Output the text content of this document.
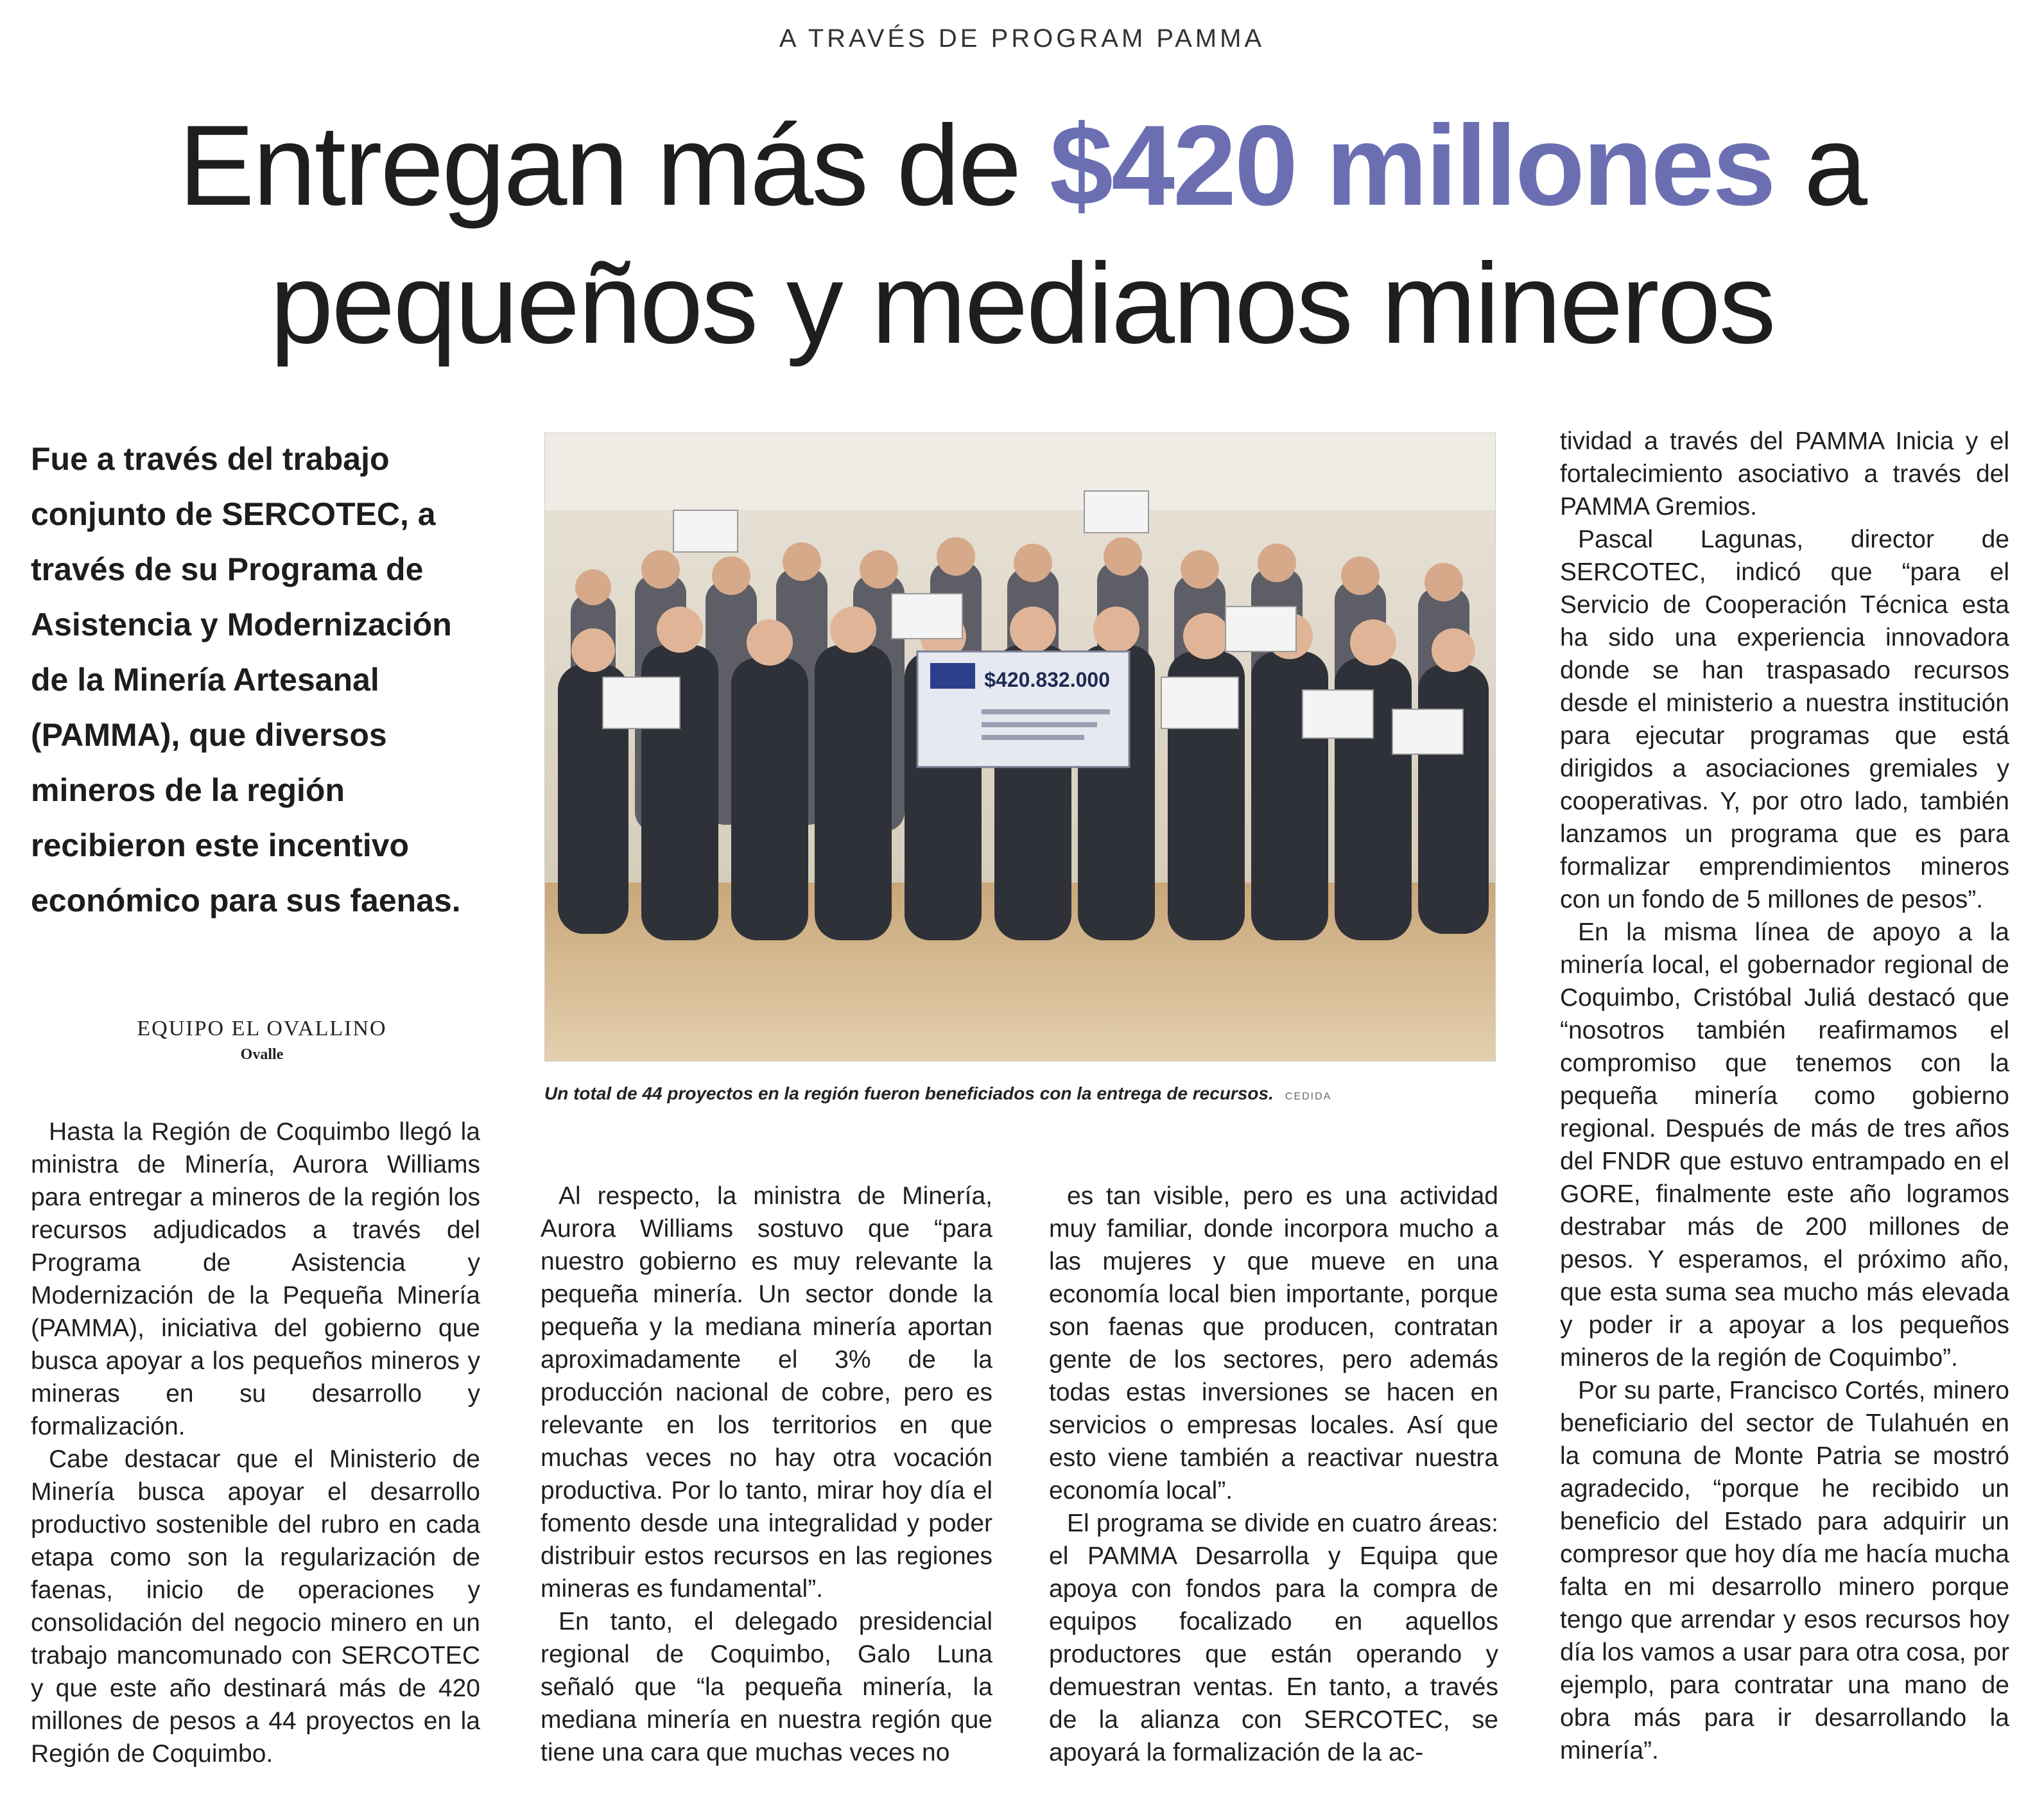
A TRAVÉS DE PROGRAM PAMMA
Entregan más de $420 millones a pequeños y medianos mineros

Fue a través del trabajo conjunto de SERCOTEC, a través de su Programa de Asistencia y Modernización de la Minería Artesanal (PAMMA), que diversos mineros de la región recibieron este incentivo económico para sus faenas.

EQUIPO EL OVALLINO
Ovalle
$420.832.000
Un total de 44 proyectos en la región fueron beneficiados con la entrega de recursos. CEDIDA

Hasta la Región de Coquimbo llegó la ministra de Minería, Aurora Williams para entregar a mineros de la región los recursos adjudicados a través del Programa de Asistencia y Modernización de la Pequeña Minería (PAMMA), iniciativa del gobierno que busca apoyar a los pequeños mineros y mineras en su desarrollo y formalización.

Cabe destacar que el Ministerio de Minería busca apoyar el desarrollo productivo sostenible del rubro en cada etapa como son la regularización de faenas, inicio de operaciones y consolidación del negocio minero en un trabajo mancomunado con SERCOTEC y que este año destinará más de 420 millones de pesos a 44 proyectos en la Región de Coquimbo.

Al respecto, la ministra de Minería, Aurora Williams sostuvo que “para nuestro gobierno es muy relevante la pequeña minería. Un sector donde la pequeña y la mediana minería aportan aproximadamente el 3% de la producción nacional de cobre, pero es relevante en los territorios en que muchas veces no hay otra vocación productiva. Por lo tanto, mirar hoy día el fomento desde una integralidad y poder distribuir estos recursos en las regiones mineras es fundamental”.

En tanto, el delegado presidencial regional de Coquimbo, Galo Luna señaló que “la pequeña minería, la mediana minería en nuestra región que tiene una cara que muchas veces no

es tan visible, pero es una actividad muy familiar, donde incorpora mucho a las mujeres y que mueve en una economía local bien importante, porque son faenas que producen, contratan gente de los sectores, pero además todas estas inversiones se hacen en servicios o empresas locales. Así que esto viene también a reactivar nuestra economía local”.

El programa se divide en cuatro áreas: el PAMMA Desarrolla y Equipa que apoya con fondos para la compra de equipos focalizado en aquellos productores que están operando y demuestran ventas. En tanto, a través de la alianza con SERCOTEC, se apoyará la formalización de la ac-

tividad a través del PAMMA Inicia y el fortalecimiento asociativo a través del PAMMA Gremios.

Pascal Lagunas, director de SERCOTEC, indicó que “para el Servicio de Cooperación Técnica esta ha sido una experiencia innovadora donde se han traspasado recursos desde el ministerio a nuestra institución para ejecutar programas que está dirigidos a asociaciones gremiales y cooperativas. Y, por otro lado, también lanzamos un programa que es para formalizar emprendimientos mineros con un fondo de 5 millones de pesos”.

En la misma línea de apoyo a la minería local, el gobernador regional de Coquimbo, Cristóbal Juliá destacó que “nosotros también reafirmamos el compromiso que tenemos con la pequeña minería como gobierno regional. Después de más de tres años del FNDR que estuvo entrampado en el GORE, finalmente este año logramos destrabar más de 200 millones de pesos. Y esperamos, el próximo año, que esta suma sea mucho más elevada y poder ir a apoyar a los pequeños mineros de la región de Coquimbo”.

Por su parte, Francisco Cortés, minero beneficiario del sector de Tulahuén en la comuna de Monte Patria se mostró agradecido, “porque he recibido un beneficio del Estado para adquirir un compresor que hoy día me hacía mucha falta en mi desarrollo minero porque tengo que arrendar y esos recursos hoy día los vamos a usar para otra cosa, por ejemplo, para contratar una mano de obra más para ir desarrollando la minería”.
